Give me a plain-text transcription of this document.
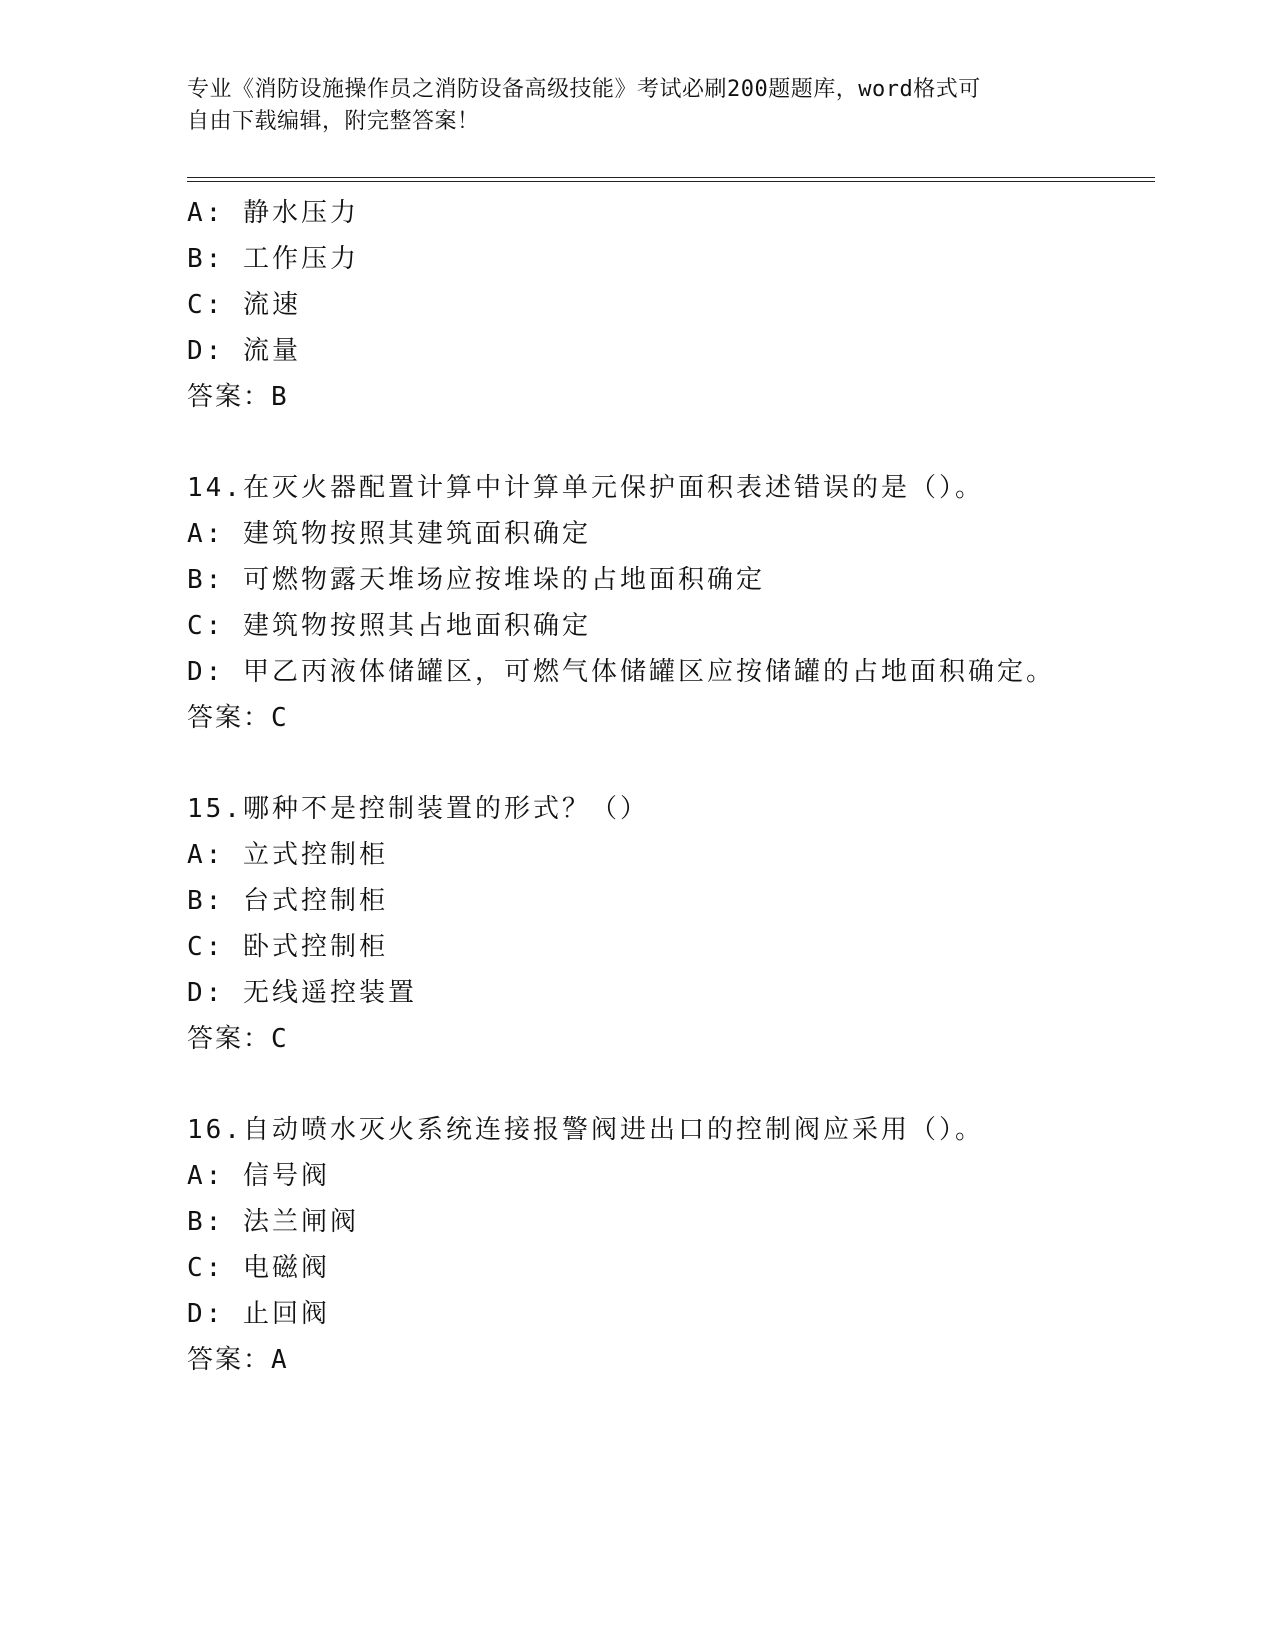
专业《消防设施操作员之消防设备高级技能》考试必刷200题题库，word格式可
自由下载编辑，附完整答案！
A: 静水压力
B: 工作压力
C: 流速
D: 流量
答案：B
14.在灭火器配置计算中计算单元保护面积表述错误的是（）。
A: 建筑物按照其建筑面积确定
B: 可燃物露天堆场应按堆垛的占地面积确定
C: 建筑物按照其占地面积确定
D: 甲乙丙液体储罐区，可燃气体储罐区应按储罐的占地面积确定。
答案：C
15.哪种不是控制装置的形式？（）
A: 立式控制柜
B: 台式控制柜
C: 卧式控制柜
D: 无线遥控装置
答案：C
16.自动喷水灭火系统连接报警阀进出口的控制阀应采用（）。
A: 信号阀
B: 法兰闸阀
C: 电磁阀
D: 止回阀
答案：A
